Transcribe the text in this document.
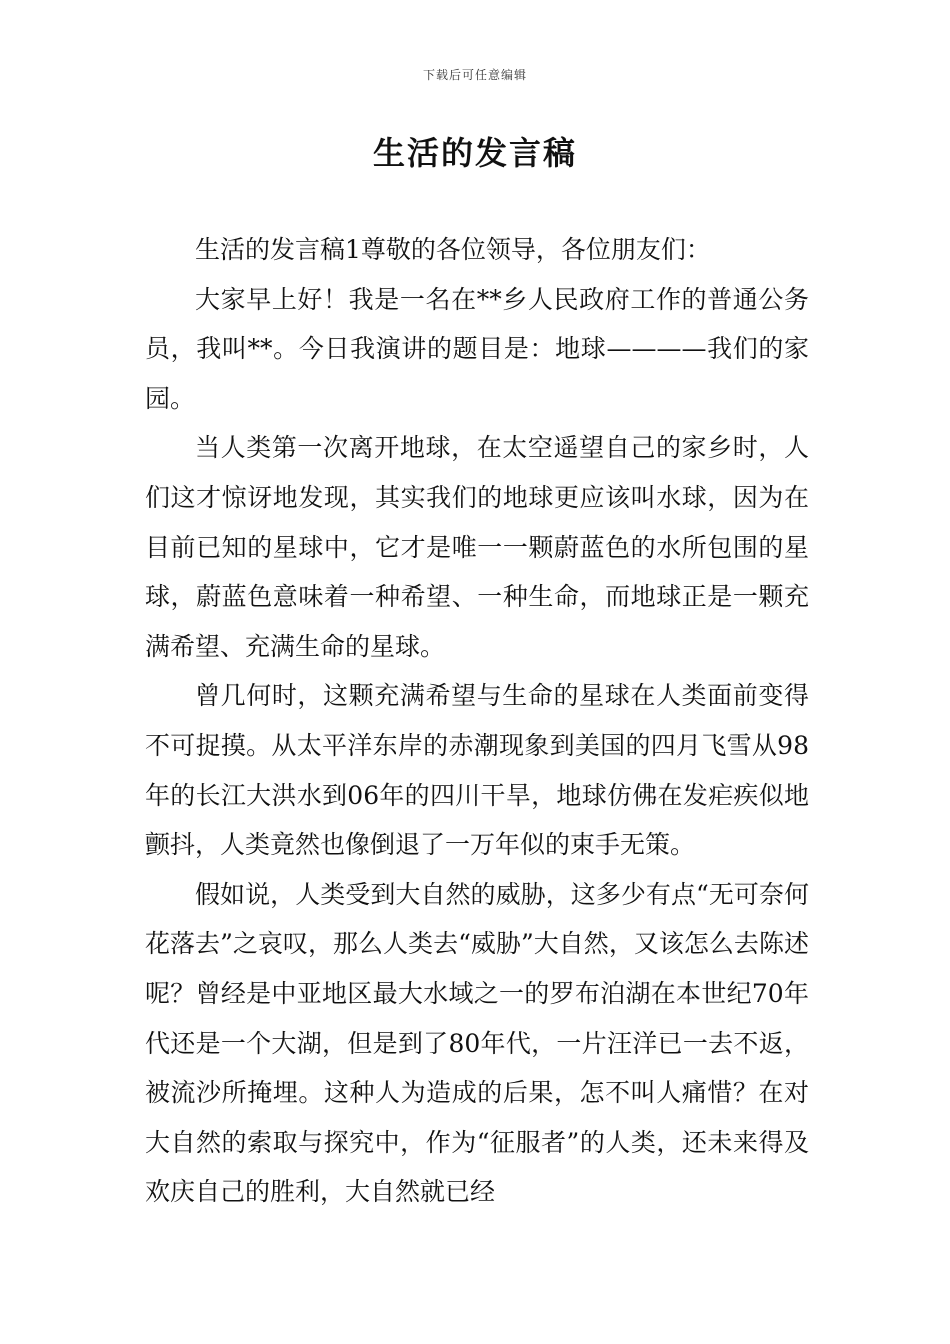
下载后可任意编辑
生活的发言稿

生活的发言稿1尊敬的各位领导，各位朋友们：

大家早上好！我是一名在**乡人民政府工作的普通公务员，我叫**。今日我演讲的题目是：地球————我们的家园。

当人类第一次离开地球，在太空遥望自己的家乡时，人们这才惊讶地发现，其实我们的地球更应该叫水球，因为在目前已知的星球中，它才是唯一一颗蔚蓝色的水所包围的星球，蔚蓝色意味着一种希望、一种生命，而地球正是一颗充满希望、充满生命的星球。

曾几何时，这颗充满希望与生命的星球在人类面前变得不可捉摸。从太平洋东岸的赤潮现象到美国的四月飞雪从98年的长江大洪水到06年的四川干旱，地球仿佛在发疟疾似地颤抖，人类竟然也像倒退了一万年似的束手无策。

假如说，人类受到大自然的威胁，这多少有点“无可奈何花落去”之哀叹，那么人类去“威胁”大自然，又该怎么去陈述呢？曾经是中亚地区最大水域之一的罗布泊湖在本世纪70年代还是一个大湖，但是到了80年代，一片汪洋已一去不返，被流沙所掩埋。这种人为造成的后果，怎不叫人痛惜？在对大自然的索取与探究中，作为“征服者”的人类，还未来得及欢庆自己的胜利，大自然就已经
